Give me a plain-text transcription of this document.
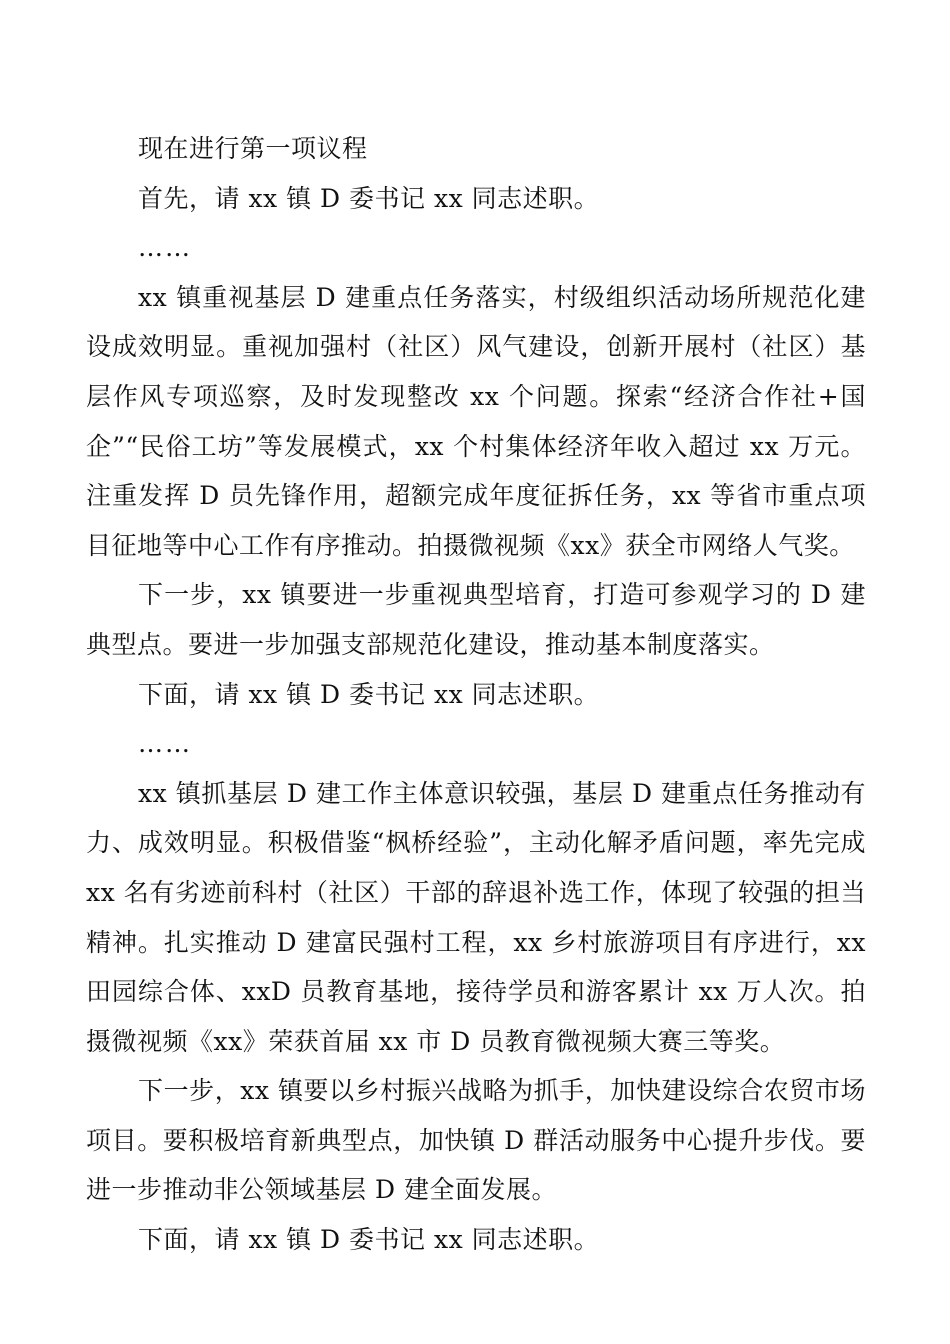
现在进行第一项议程

首先，请 xx 镇 D 委书记 xx 同志述职。

……

xx 镇重视基层 D 建重点任务落实，村级组织活动场所规范化建设成效明显。重视加强村（社区）风气建设，创新开展村（社区）基层作风专项巡察，及时发现整改 xx 个问题。探索“经济合作社+国企”“民俗工坊”等发展模式，xx 个村集体经济年收入超过 xx 万元。注重发挥 D 员先锋作用，超额完成年度征拆任务，xx 等省市重点项目征地等中心工作有序推动。拍摄微视频《xx》获全市网络人气奖。

下一步，xx 镇要进一步重视典型培育，打造可参观学习的 D 建典型点。要进一步加强支部规范化建设，推动基本制度落实。

下面，请 xx 镇 D 委书记 xx 同志述职。

……

xx 镇抓基层 D 建工作主体意识较强，基层 D 建重点任务推动有力、成效明显。积极借鉴“枫桥经验”，主动化解矛盾问题，率先完成 xx 名有劣迹前科村（社区）干部的辞退补选工作，体现了较强的担当精神。扎实推动 D 建富民强村工程，xx 乡村旅游项目有序进行，xx 田园综合体、xxD 员教育基地，接待学员和游客累计 xx 万人次。拍摄微视频《xx》荣获首届 xx 市 D 员教育微视频大赛三等奖。

下一步，xx 镇要以乡村振兴战略为抓手，加快建设综合农贸市场项目。要积极培育新典型点，加快镇 D 群活动服务中心提升步伐。要进一步推动非公领域基层 D 建全面发展。

下面，请 xx 镇 D 委书记 xx 同志述职。
